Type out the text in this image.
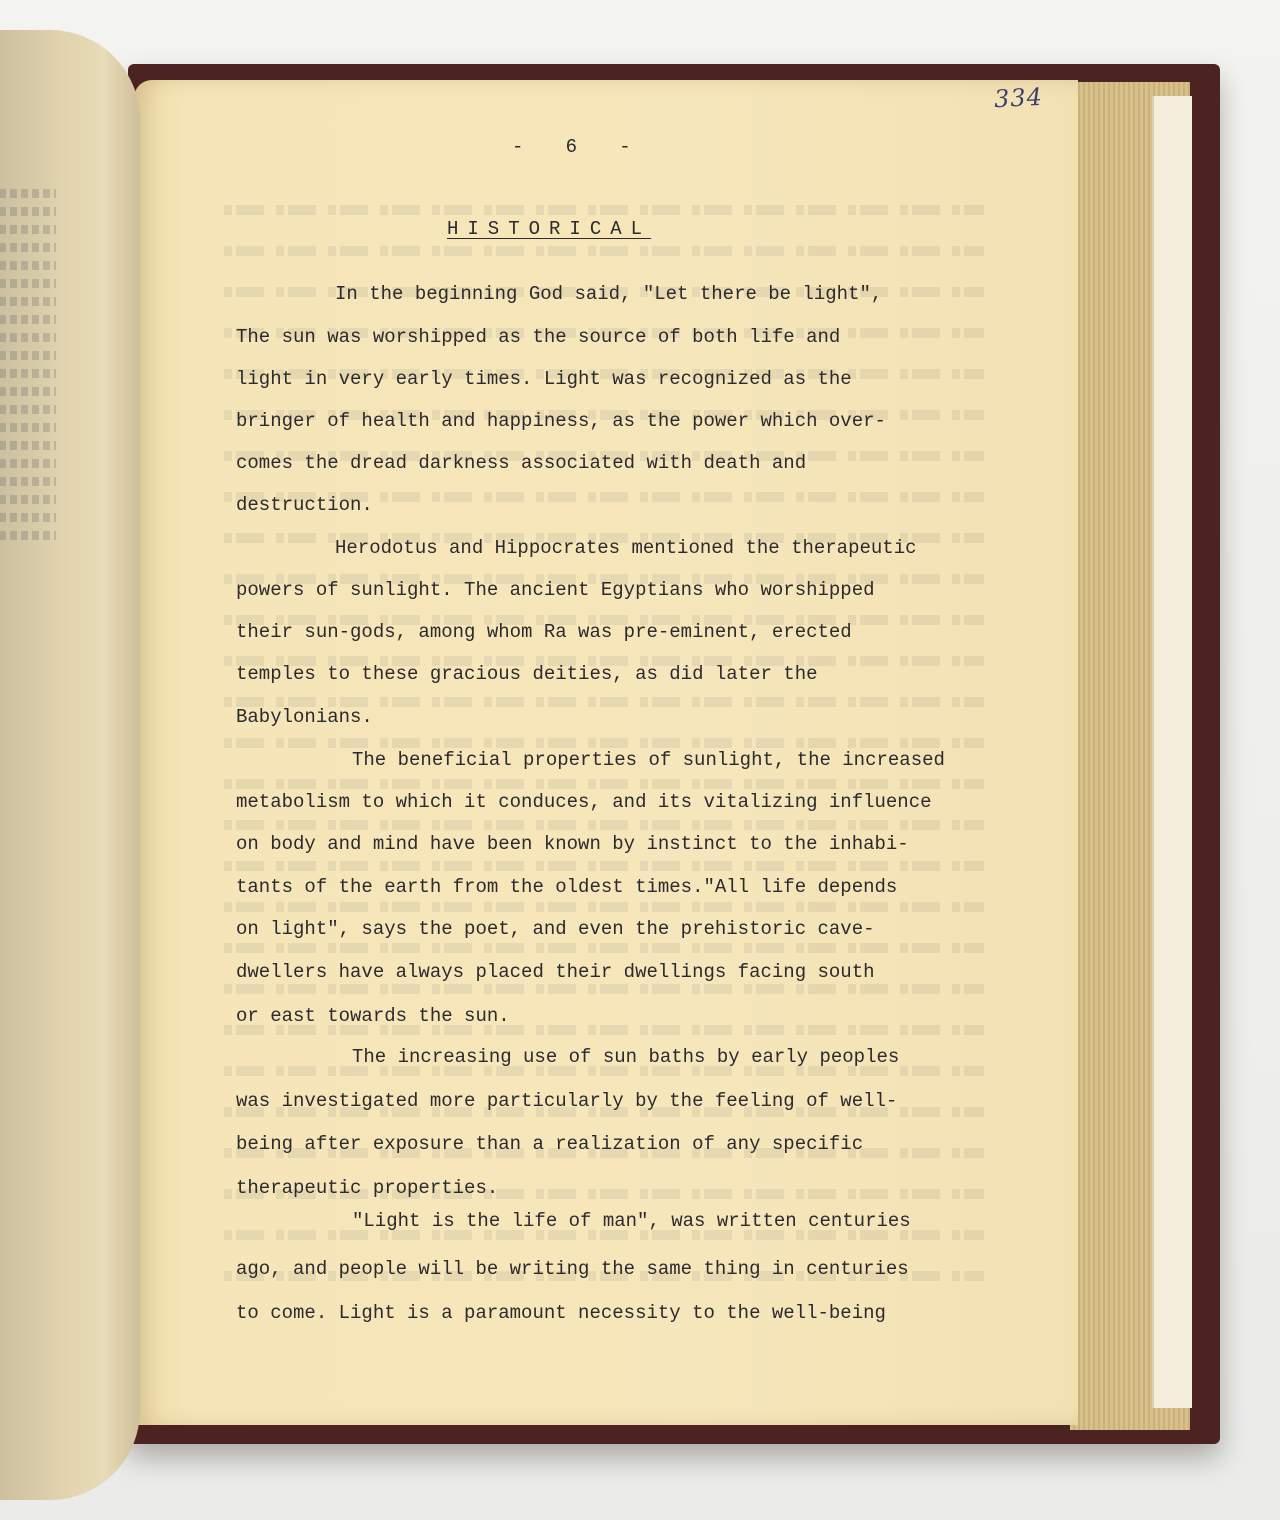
334
-   6   -
HISTORICAL
In the beginning God said, "Let there be light",
The sun was worshipped as the source of both life and
light in very early times. Light was recognized as the
bringer of health and happiness, as the power which over-
comes the dread darkness associated with death and
destruction.
Herodotus and Hippocrates mentioned the therapeutic
powers of sunlight. The ancient Egyptians who worshipped
their sun-gods, among whom Ra was pre-eminent, erected
temples to these gracious deities, as did later the
Babylonians.
The beneficial properties of sunlight, the increased
metabolism to which it conduces, and its vitalizing influence
on body and mind have been known by instinct to the inhabi-
tants of the earth from the oldest times."All life depends
on light", says the poet, and even the prehistoric cave-
dwellers have always placed their dwellings facing south
or east towards the sun.
The increasing use of sun baths by early peoples
was investigated more particularly by the feeling of well-
being after exposure than a realization of any specific
therapeutic properties.
"Light is the life of man", was written centuries
ago, and people will be writing the same thing in centuries
to come. Light is a paramount necessity to the well-being
